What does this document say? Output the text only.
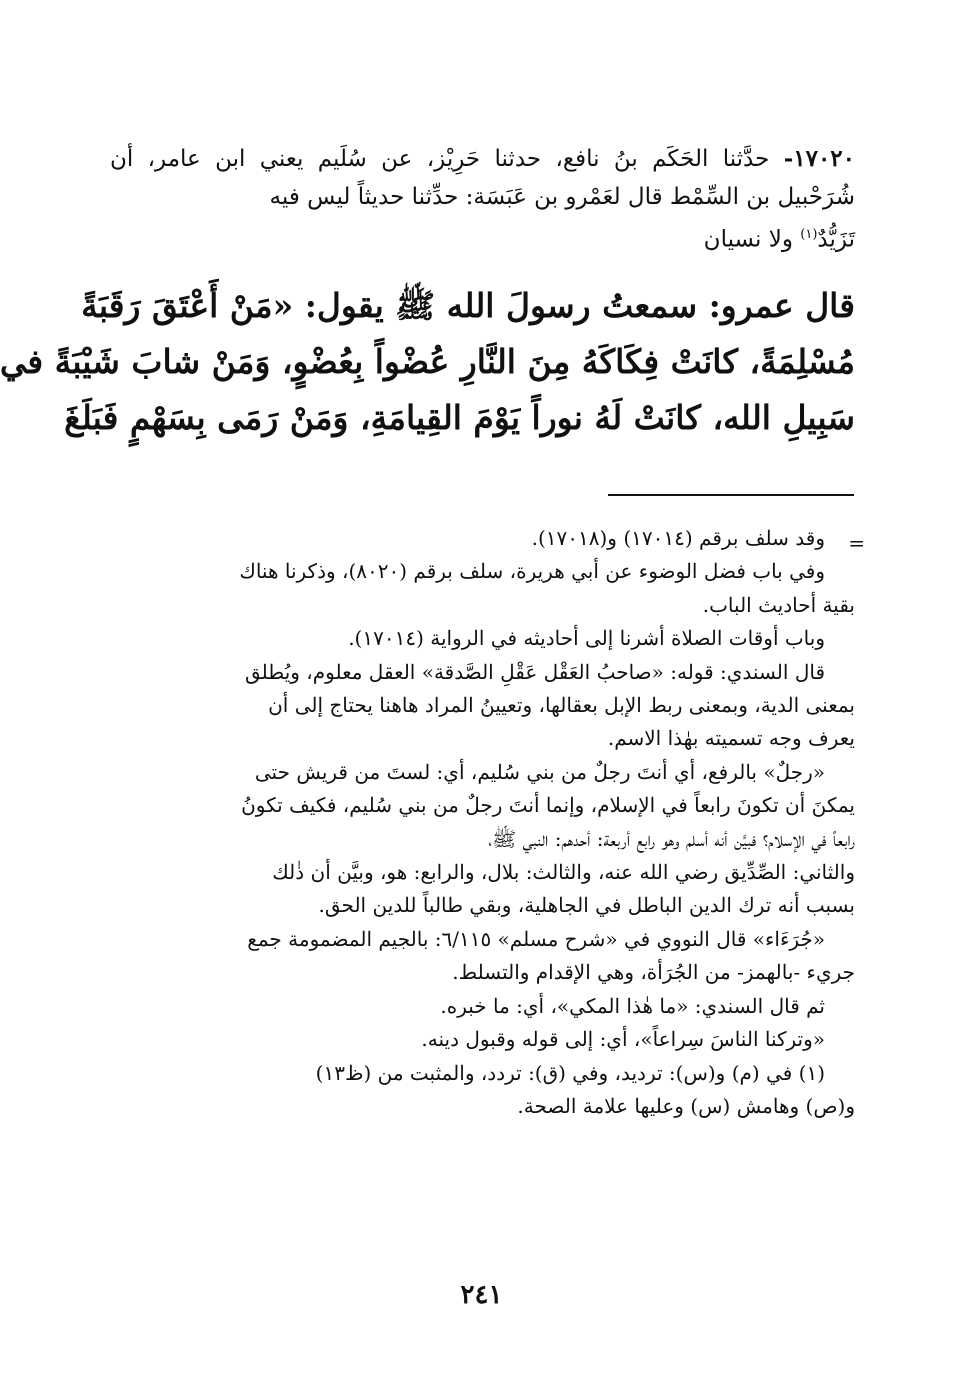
١٧٠٢٠- حدَّثنا الحَكَم بنُ نافع، حدثنا حَرِيْز، عن سُلَيم يعني ابن عامر، أن شُرَحْبيل بن السِّمْط قال لعَمْرو بن عَبَسَة: حدِّثنا حديثاً ليس فيه
تَزَيُّدٌ$^{(١)}$ ولا نسيان
قال عمرو: سمعتُ رسولَ الله ﷺ يقول: «مَنْ أَعْتَقَ رَقَبَةً
مُسْلِمَةً، كانَتْ فِكَاكَهُ مِنَ النَّارِ عُضْواً بِعُضْوٍ، وَمَنْ شابَ شَيْبَةً في
سَبِيلِ الله، كانَتْ لَهُ نوراً يَوْمَ القِيامَةِ، وَمَنْ رَمَى بِسَهْمٍ فَبَلَغَ
=
وقد سلف برقم (١٧٠١٤) و(١٧٠١٨).
وفي باب فضل الوضوء عن أبي هريرة، سلف برقم (٨٠٢٠)، وذكرنا هناك
بقية أحاديث الباب.
وباب أوقات الصلاة أشرنا إلى أحاديثه في الرواية (١٧٠١٤).
قال السندي: قوله: «صاحبُ العَقْل عَقْلِ الصَّدقة» العقل معلوم، ويُطلق
بمعنى الدية، وبمعنى ربط الإبل بعقالها، وتعيينُ المراد هاهنا يحتاج إلى أن
يعرف وجه تسميته بهٰذا الاسم.
«رجلٌ» بالرفع، أي أنتَ رجلٌ من بني سُليم، أي: لستَ من قريش حتى
يمكنَ أن تكونَ رابعاً في الإسلام، وإنما أنتَ رجلٌ من بني سُليم، فكيف تكونُ
رابعاً في الإسلام؟ فبيَّن أنه أسلم وهو رابع أربعة: أحدهم: النبي ﷺ،
والثاني: الصِّدِّيق رضي الله عنه، والثالث: بلال، والرابع: هو، وبيَّن أن ذٰلك
بسبب أنه ترك الدين الباطل في الجاهلية، وبقي طالباً للدين الحق.
«جُرَءَاء» قال النووي في «شرح مسلم» ٦/١١٥: بالجيم المضمومة جمع
جريء -بالهمز- من الجُرَأة، وهي الإقدام والتسلط.
ثم قال السندي: «ما هٰذا المكي»، أي: ما خبره.
«وتركنا الناسَ سِراعاً»، أي: إلى قوله وقبول دينه.
(١) في (م) و(س): ترديد، وفي (ق): تردد، والمثبت من (ظ١٣)
و(ص) وهامش (س) وعليها علامة الصحة.
٢٤١
